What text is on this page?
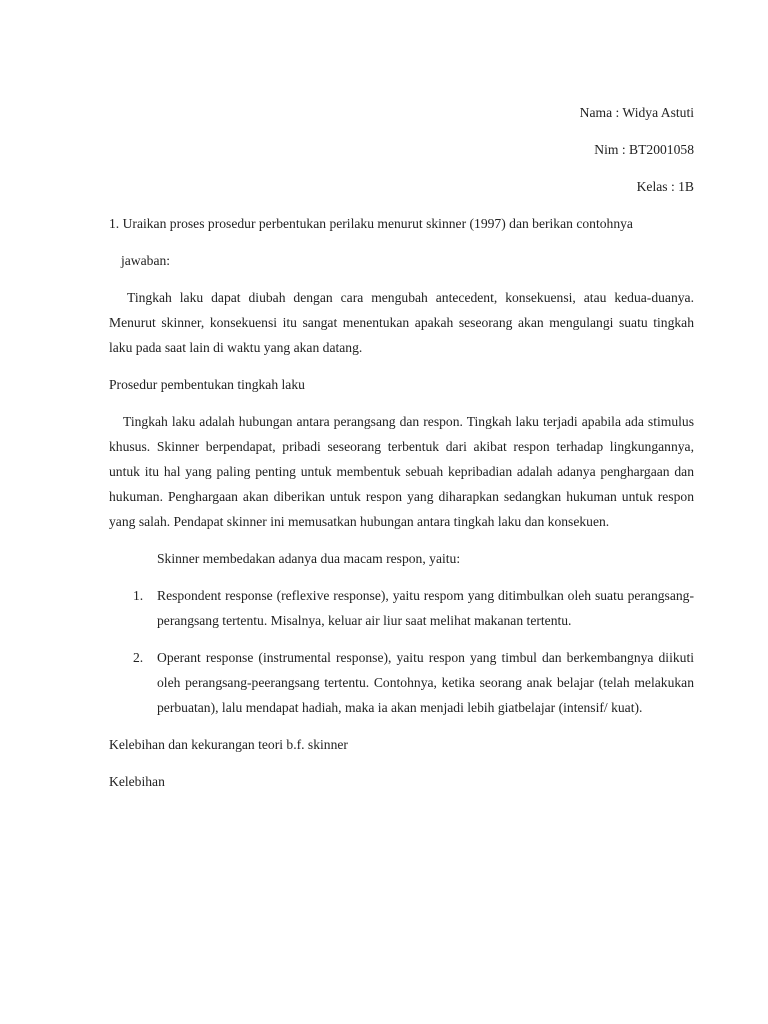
Nama : Widya Astuti

Nim : BT2001058

Kelas : 1B

1. Uraikan proses prosedur perbentukan perilaku menurut skinner (1997) dan berikan contohnya

jawaban:

Tingkah laku dapat diubah dengan cara mengubah antecedent, konsekuensi, atau kedua-duanya. Menurut skinner, konsekuensi itu sangat menentukan apakah seseorang akan mengulangi suatu tingkah laku pada saat lain di waktu yang akan datang.

Prosedur pembentukan tingkah laku

Tingkah laku adalah hubungan antara perangsang dan respon. Tingkah laku terjadi apabila ada stimulus khusus. Skinner berpendapat, pribadi seseorang terbentuk dari akibat respon terhadap lingkungannya, untuk itu hal yang paling penting untuk membentuk sebuah kepribadian adalah adanya penghargaan dan hukuman. Penghargaan akan diberikan untuk respon yang diharapkan sedangkan hukuman untuk respon yang salah. Pendapat skinner ini memusatkan hubungan antara tingkah laku dan konsekuen.

Skinner membedakan adanya dua macam respon, yaitu:

1. Respondent response (reflexive response), yaitu respom yang ditimbulkan oleh suatu perangsang-perangsang tertentu. Misalnya, keluar air liur saat melihat makanan tertentu.
2. Operant response (instrumental response), yaitu respon yang timbul dan berkembangnya diikuti oleh perangsang-peerangsang tertentu. Contohnya, ketika seorang anak belajar (telah melakukan perbuatan), lalu mendapat hadiah, maka ia akan menjadi lebih giatbelajar (intensif/ kuat).

Kelebihan dan kekurangan teori b.f. skinner

Kelebihan
